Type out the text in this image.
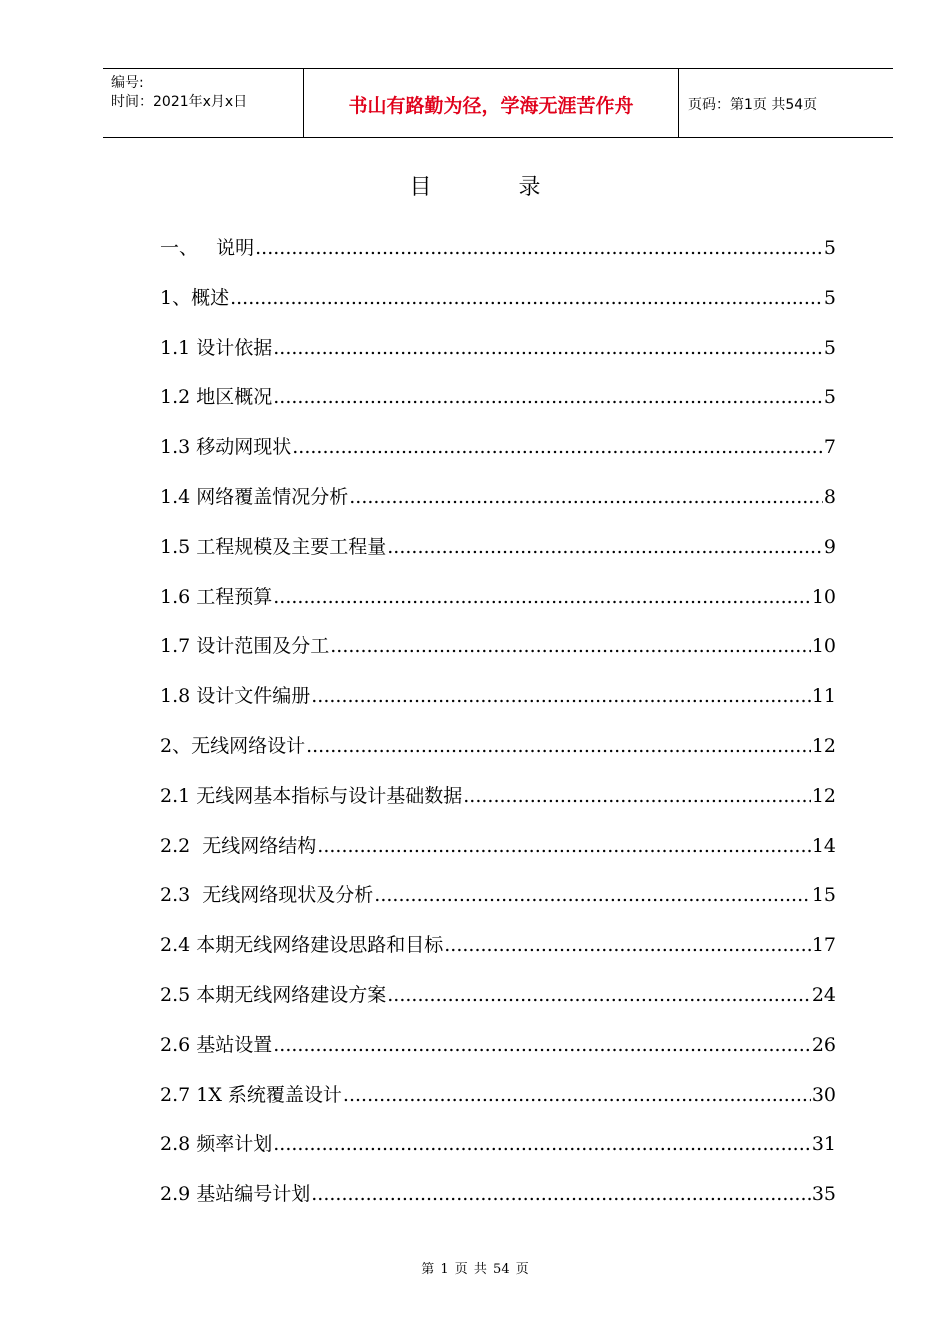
编号:
时间：2021年x月x日	书山有路勤为径，学海无涯苦作舟	页码：第1页 共54页
目 录
一、   说明 .....	5
1、概述 .....	5
1.1 设计依据 .....	5
1.2 地区概况 .....	5
1.3 移动网现状 .....	7
1.4 网络覆盖情况分析 .....	8
1.5 工程规模及主要工程量 .....	9
1.6 工程预算 .....	10
1.7 设计范围及分工 .....	10
1.8 设计文件编册 .....	11
2、无线网络设计 .....	12
2.1 无线网基本指标与设计基础数据 .....	12
2.2  无线网络结构 .....	14
2.3  无线网络现状及分析 .....	15
2.4 本期无线网络建设思路和目标 .....	17
2.5 本期无线网络建设方案 .....	24
2.6 基站设置 .....	26
2.7 1X 系统覆盖设计 .....	30
2.8 频率计划 .....	31
2.9 基站编号计划 .....	35
第 1 页 共 54 页
